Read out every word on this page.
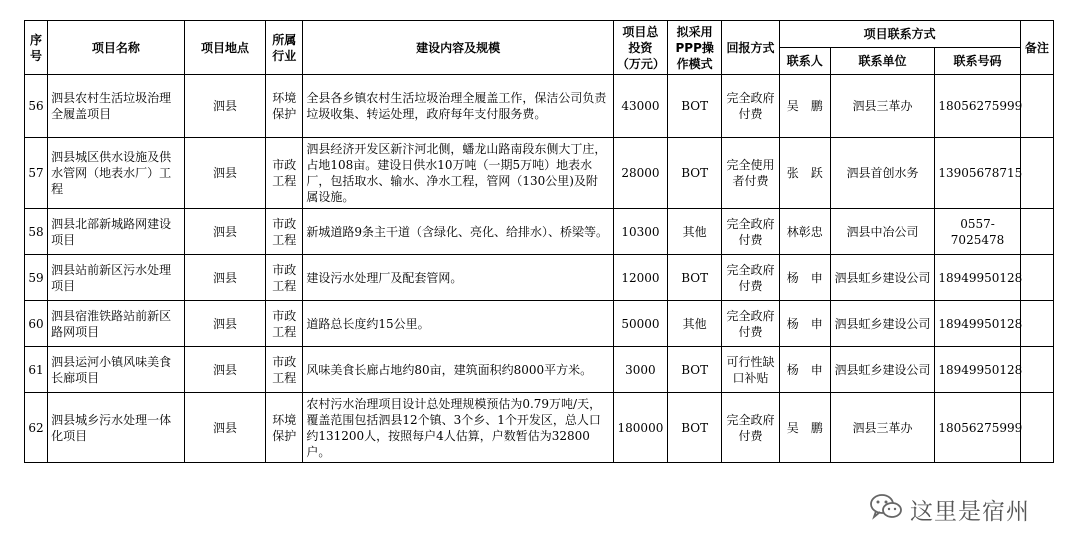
序号	项目名称	项目地点	所属行业	建设内容及规模	项目总投资（万元）	拟采用PPP操作模式	回报方式	项目联系方式			备注
								联系人	联系单位	联系号码	
56	泗县农村生活垃圾治理全履盖项目	泗县	环境保护	全县各乡镇农村生活垃圾治理全履盖工作，保洁公司负责垃圾收集、转运处理，政府每年支付服务费。	43000	BOT	完全政府付费	吴　鹏	泗县三革办	18056275999	
57	泗县城区供水设施及供水管网（地表水厂）工程	泗县	市政工程	泗县经济开发区新汴河北侧，蟠龙山路南段东侧大丁庄，占地108亩。建设日供水10万吨（一期5万吨）地表水厂，包括取水、输水、净水工程，管网（130公里)及附属设施。	28000	BOT	完全使用者付费	张　跃	泗县首创水务	13905678715	
58	泗县北部新城路网建设项目	泗县	市政工程	新城道路9条主干道（含绿化、亮化、给排水）、桥梁等。	10300	其他	完全政府付费	林彰忠	泗县中冶公司	0557-7025478	
59	泗县站前新区污水处理项目	泗县	市政工程	建设污水处理厂及配套管网。	12000	BOT	完全政府付费	杨　申	泗县虹乡建设公司	18949950128	
60	泗县宿淮铁路站前新区路网项目	泗县	市政工程	道路总长度约15公里。	50000	其他	完全政府付费	杨　申	泗县虹乡建设公司	18949950128	
61	泗县运河小镇风味美食长廊项目	泗县	市政工程	风味美食长廊占地约80亩，建筑面积约8000平方米。	3000	BOT	可行性缺口补贴	杨　申	泗县虹乡建设公司	18949950128	
62	泗县城乡污水处理一体化项目	泗县	环境保护	农村污水治理项目设计总处理规模预估为0.79万吨/天，覆盖范围包括泗县12个镇、3个乡、1个开发区，总人口约131200人，按照每户4人估算，户数暂估为32800户。	180000	BOT	完全政府付费	吴　鹏	泗县三革办	18056275999	
这里是宿州
